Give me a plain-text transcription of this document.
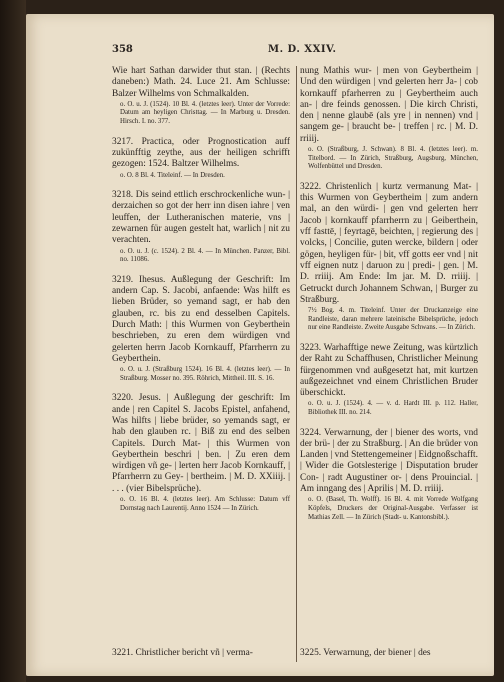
358	M. D. XXIV.

Wie hart Sathan darwider thut stan. | (Rechts daneben:) Math. 24. Luce 21. Am Schlusse: Balzer Wilhelms von Schmalkalden.

o. O. u. J. (1524). 10 Bl. 4. (letztes leer). Unter der Vorrede: Datum am heyligen Christtag. — In Marburg u. Dresden. Hirsch. I. no. 377.

3217. Practica, oder Prognostication auff zukünfftig zeythe, aus der heiligen schrifft gezogen: 1524. Baltzer Wilhelms.

o. O. 8 Bl. 4. Titeleinf. — In Dresden.

3218. Dis seind ettlich erschrockenliche wun- | derzaichen so got der herr inn disen iahre | ven leuffen, der Lutheranischen materie, vns | zewarnen für augen gestelt hat, warlich | nit zu verachten.

o. O. u. J. (c. 1524). 2 Bl. 4. — In München. Panzer, Bibl. no. 11086.

3219. Ihesus. Außlegung der Geschrift: Im andern Cap. S. Jacobi, anfaende: Was hilft es lieben Brüder, so yemand sagt, er hab den glauben, rc. bis zu end desselben Capitels. Durch Math: | this Wurmen von Geyberthein beschrieben, zu eren dem würdigen vnd gelerten herrn Jacob Kornkauff, Pfarrherrn zu Geyberthein.

o. O. u. J. (Straßburg 1524). 16 Bl. 4. (letztes leer). — In Straßburg. Mosser no. 395. Röhrich, Mittheil. III. S. 16.

3220. Jesus. | Außlegung der geschrift: Im ande | ren Capitel S. Jacobs Epistel, anfahend, Was hilfts | liebe brüder, so yemands sagt, er hab den glauben rc. | Biß zu end des selben Capitels. Durch Mat- | this Wurmen von Geyberthein beschri | ben. | Zu eren dem wirdigen vñ ge- | lerten herr Jacob Kornkauff, | Pfarrherrn zu Gey- | bertheim. | M. D. XXiiij. | . . . (vier Bibelsprüche).

o. O. 16 Bl. 4. (letztes leer). Am Schlusse: Datum vff Dornstag nach Laurentij. Anno 1524 — In Zürich.

nung Mathis wur- | men von Geybertheim | Und den würdigen | vnd gelerten herr Ja- | cob kornkauff pfarherren zu | Geybertheim auch an- | dre feinds genossen. | Die kirch Christi, den | nenne glaubē (als yre | in nennen) vnd | sangem ge- | braucht be- | treffen | rc. | M. D. rriiij.

o. O. (Straßburg, J. Schwan). 8 Bl. 4. (letztes leer). m. Titelbord. — In Zürich, Straßburg, Augsburg, München, Wolfenbüttel und Dresden.

3222. Christenlich | kurtz vermanung Mat- | this Wurmen von Geybertheim | zum andern mal, an den würdi- | gen vnd gelerten herr Jacob | kornkauff pfarrherrn zu | Geiberthein, vff fasttē, | feyrtagē, beichten, | regierung des | volcks, | Concilie, guten wercke, bildern | oder gögen, heyligen für- | bit, vff gotts eer vnd | nit vff eignen nutz | daruon zu | predi- | gen. | M. D. rriiij. Am Ende: Im jar. M. D. rriiij. | Getruckt durch Johannem Schwan, | Burger zu Straßburg.

7½ Bog. 4. m. Titeleinf. Unter der Druckanzeige eine Randleiste, daran mehrere lateinische Bibelsprüche, jedoch nur eine Randleiste. Zweite Ausgabe Schwans. — In Zürich.

3223. Warhafftige newe Zeitung, was kürtzlich der Raht zu Schaffhusen, Christlicher Meinung fürgenommen vnd außgesetzt hat, mit kurtzen außgezeichnet vnd einem Christlichen Bruder überschickt.

o. O. u. J. (1524). 4. — v. d. Hardt III. p. 112. Haller, Bibliothek III. no. 214.

3224. Verwarnung, der | biener des worts, vnd der brü- | der zu Straßburg. | An die brüder von Landen | vnd Stettengemeiner | Eidgnoßschafft. | Wider die Gotslesterige | Disputation bruder Con- | radt Augustiner or- | dens Prouincial. | Am inngang des | Aprilis | M. D. rriiij.

o. O. (Basel, Th. Wolff). 16 Bl. 4. mit Vorrede Wolfgang Köpfels, Druckers der Original-Ausgabe. Verfasser ist Mathias Zell. — In Zürich (Stadt- u. Kantonsbibl.).

3221. Christlicher bericht vñ | verma-	3225. Verwarnung, der biener | des
